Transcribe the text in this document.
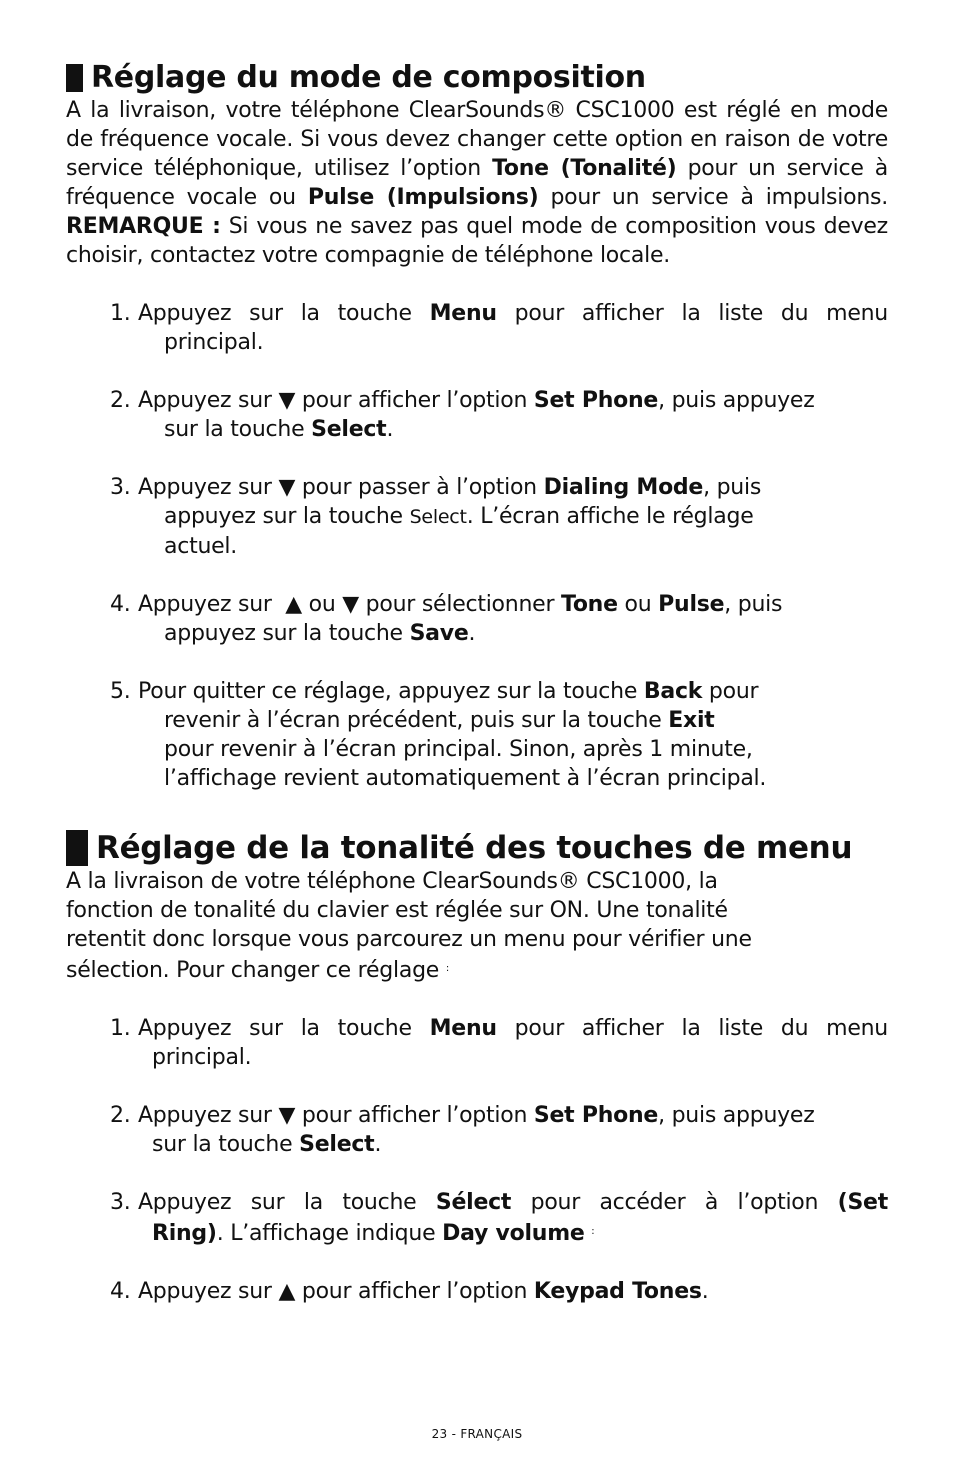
Réglage du mode de composition

A la livraison, votre téléphone ClearSounds® CSC1000 est réglé en mode de fréquence vocale. Si vous devez changer cette option en raison de votre service téléphonique, utilisez l’option Tone (Tonalité) pour un service à fréquence vocale ou Pulse (Impulsions) pour un service à impulsions. REMARQUE : Si vous ne savez pas quel mode de composition vous devez choisir, contactez votre compagnie de téléphone locale.

1. Appuyez sur la touche Menu pour afficher la liste du menu
principal.
2. Appuyez sur ▼ pour afficher l’option Set Phone, puis appuyez
sur la touche Select.
3. Appuyez sur ▼ pour passer à l’option Dialing Mode, puis
appuyez sur la touche Select. L’écran affiche le réglage
actuel.
4. Appuyez sur  ▲ ou ▼ pour sélectionner Tone ou Pulse, puis
appuyez sur la touche Save.
5. Pour quitter ce réglage, appuyez sur la touche Back pour
revenir à l’écran précédent, puis sur la touche Exit
pour revenir à l’écran principal. Sinon, après 1 minute,
l’affichage revient automatiquement à l’écran principal.
Réglage de la tonalité des touches de menu

A la livraison de votre téléphone ClearSounds® CSC1000, la
fonction de tonalité du clavier est réglée sur ON. Une tonalité
retentit donc lorsque vous parcourez un menu pour vérifier une
sélection. Pour changer ce réglage :

1. Appuyez sur la touche Menu pour afficher la liste du menu
principal.
2. Appuyez sur ▼ pour afficher l’option Set Phone, puis appuyez
sur la touche Select.
3. Appuyez sur la touche Sélect pour accéder à l’option (Set
Ring). L’affichage indique Day volume :
4. Appuyez sur ▲ pour afficher l’option Keypad Tones.
23 - FRANÇAIS
